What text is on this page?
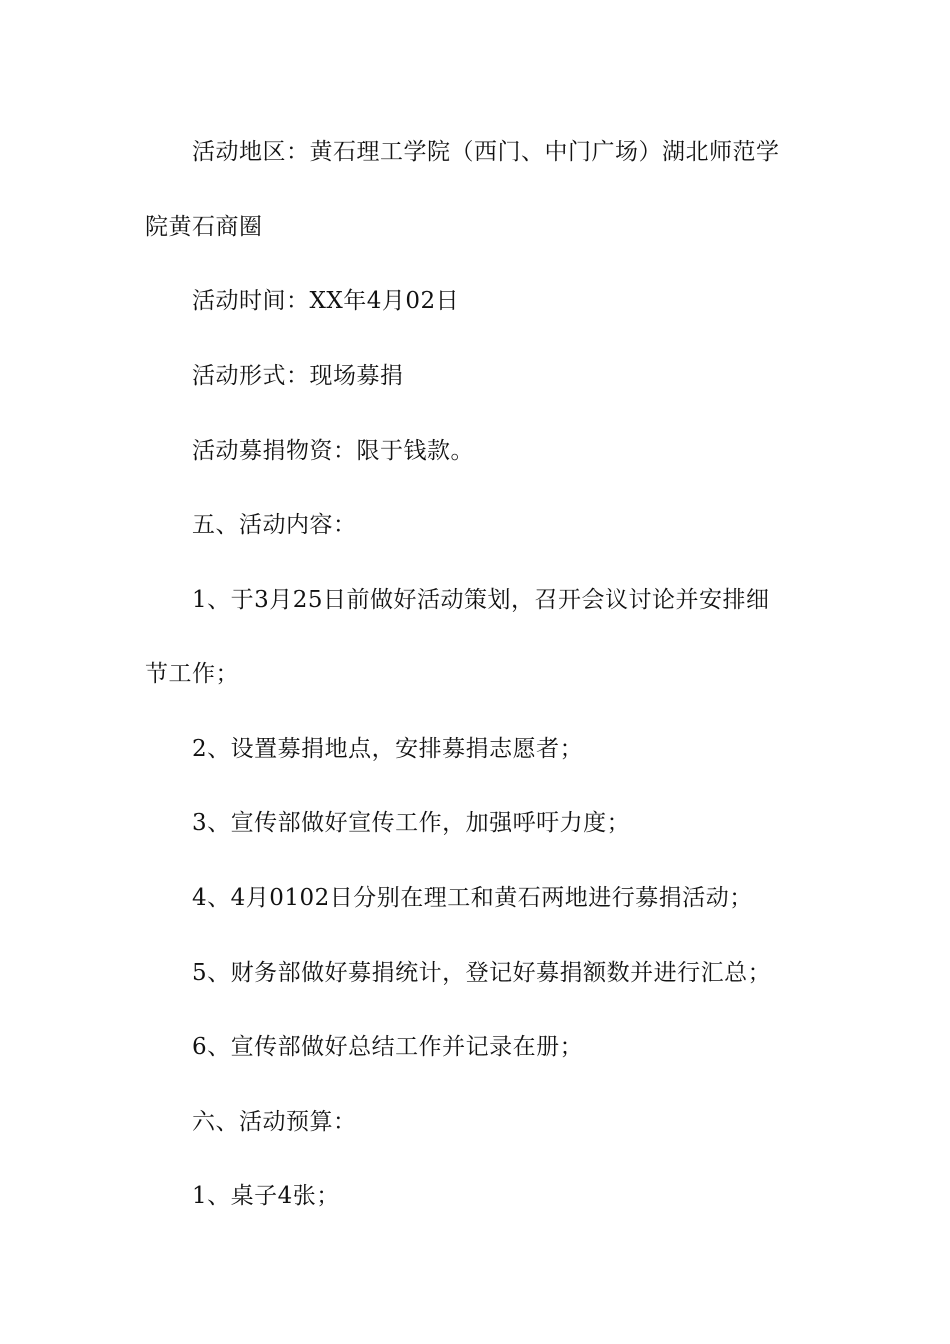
活动地区：黄石理工学院（西门、中门广场）湖北师范学
院黄石商圈
活动时间：XX年4月02日
活动形式：现场募捐
活动募捐物资：限于钱款。
五、活动内容：
1、于3月25日前做好活动策划，召开会议讨论并安排细
节工作；
2、设置募捐地点，安排募捐志愿者；
3、宣传部做好宣传工作，加强呼吁力度；
4、4月0102日分别在理工和黄石两地进行募捐活动；
5、财务部做好募捐统计，登记好募捐额数并进行汇总；
6、宣传部做好总结工作并记录在册；
六、活动预算：
1、桌子4张；
